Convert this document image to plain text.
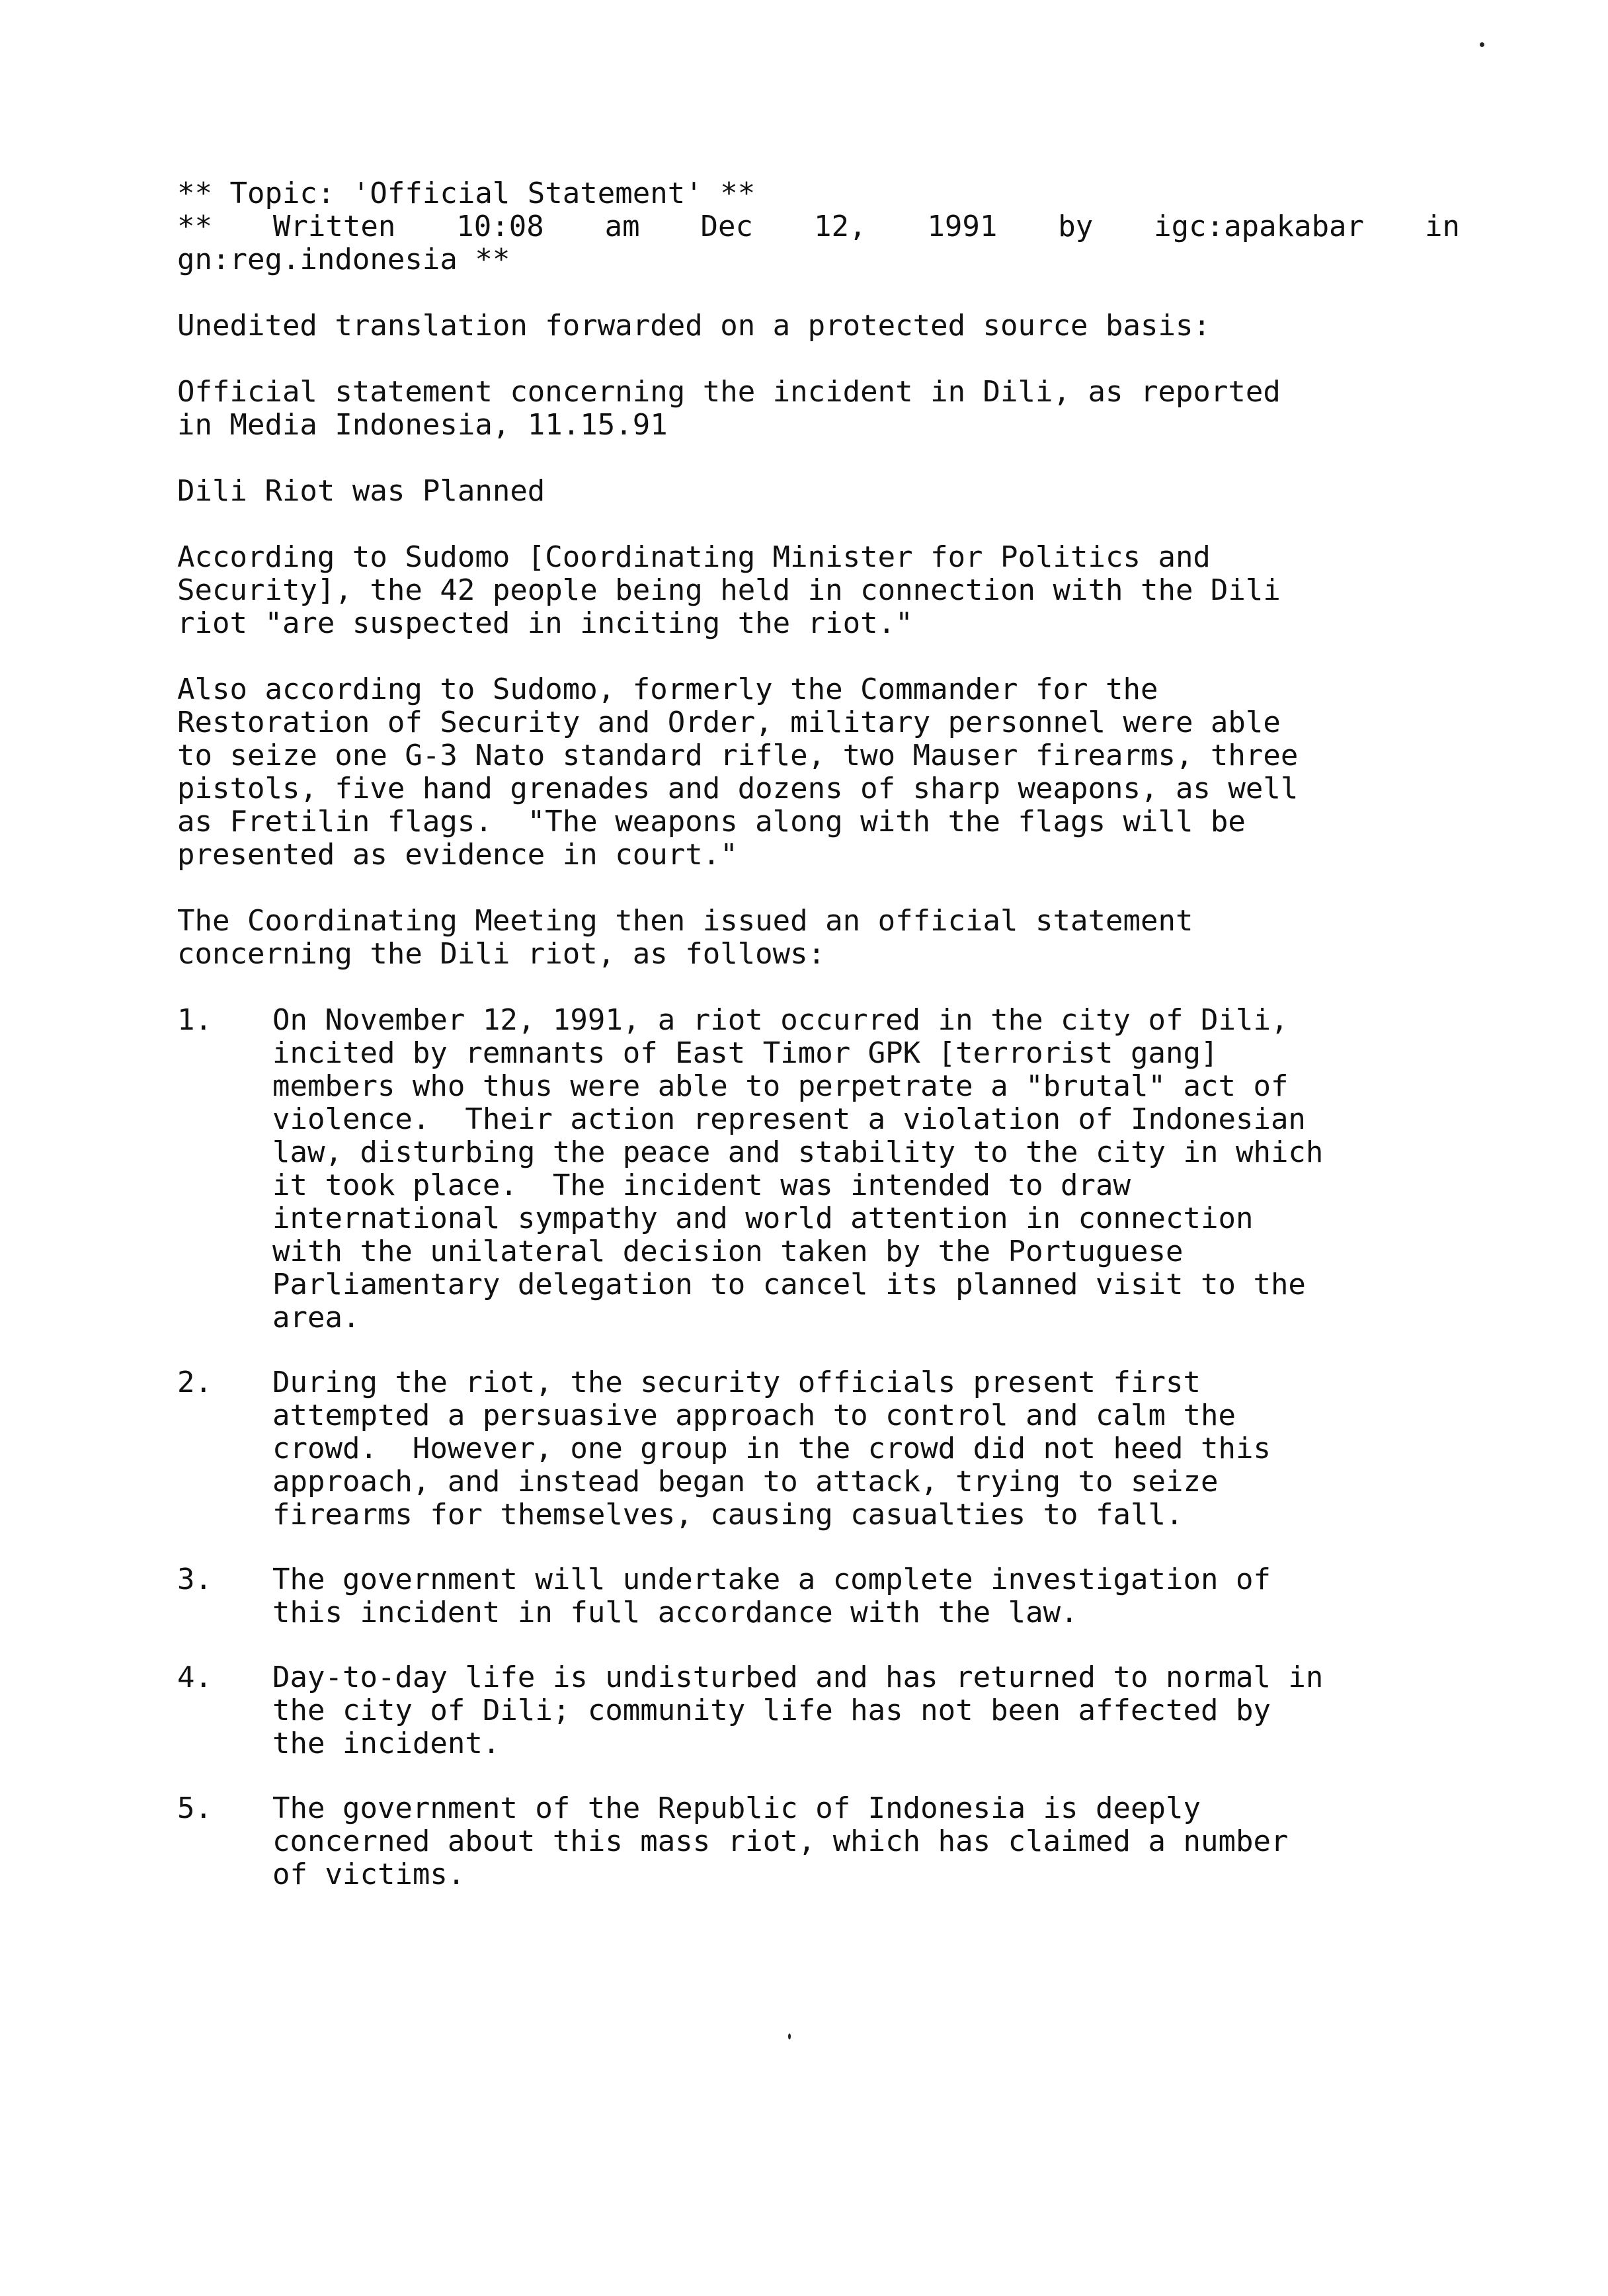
** Topic: 'Official Statement' **
** Written 10:08 am Dec 12, 1991 by igc:apakabar in
gn:reg.indonesia **
Unedited translation forwarded on a protected source basis:
Official statement concerning the incident in Dili, as reported
in Media Indonesia, 11.15.91
Dili Riot was Planned
According to Sudomo [Coordinating Minister for Politics and
Security], the 42 people being held in connection with the Dili
riot "are suspected in inciting the riot."
Also according to Sudomo, formerly the Commander for the
Restoration of Security and Order, military personnel were able
to seize one G-3 Nato standard rifle, two Mauser firearms, three
pistols, five hand grenades and dozens of sharp weapons, as well
as Fretilin flags.  "The weapons along with the flags will be
presented as evidence in court."
The Coordinating Meeting then issued an official statement
concerning the Dili riot, as follows:
1. On November 12, 1991, a riot occurred in the city of Dili,
incited by remnants of East Timor GPK [terrorist gang]
members who thus were able to perpetrate a "brutal" act of
violence.  Their action represent a violation of Indonesian
law, disturbing the peace and stability to the city in which
it took place.  The incident was intended to draw
international sympathy and world attention in connection
with the unilateral decision taken by the Portuguese
Parliamentary delegation to cancel its planned visit to the
area.
2. During the riot, the security officials present first
attempted a persuasive approach to control and calm the
crowd.  However, one group in the crowd did not heed this
approach, and instead began to attack, trying to seize
firearms for themselves, causing casualties to fall.
3. The government will undertake a complete investigation of
this incident in full accordance with the law.
4. Day-to-day life is undisturbed and has returned to normal in
the city of Dili; community life has not been affected by
the incident.
5. The government of the Republic of Indonesia is deeply
concerned about this mass riot, which has claimed a number
of victims.
